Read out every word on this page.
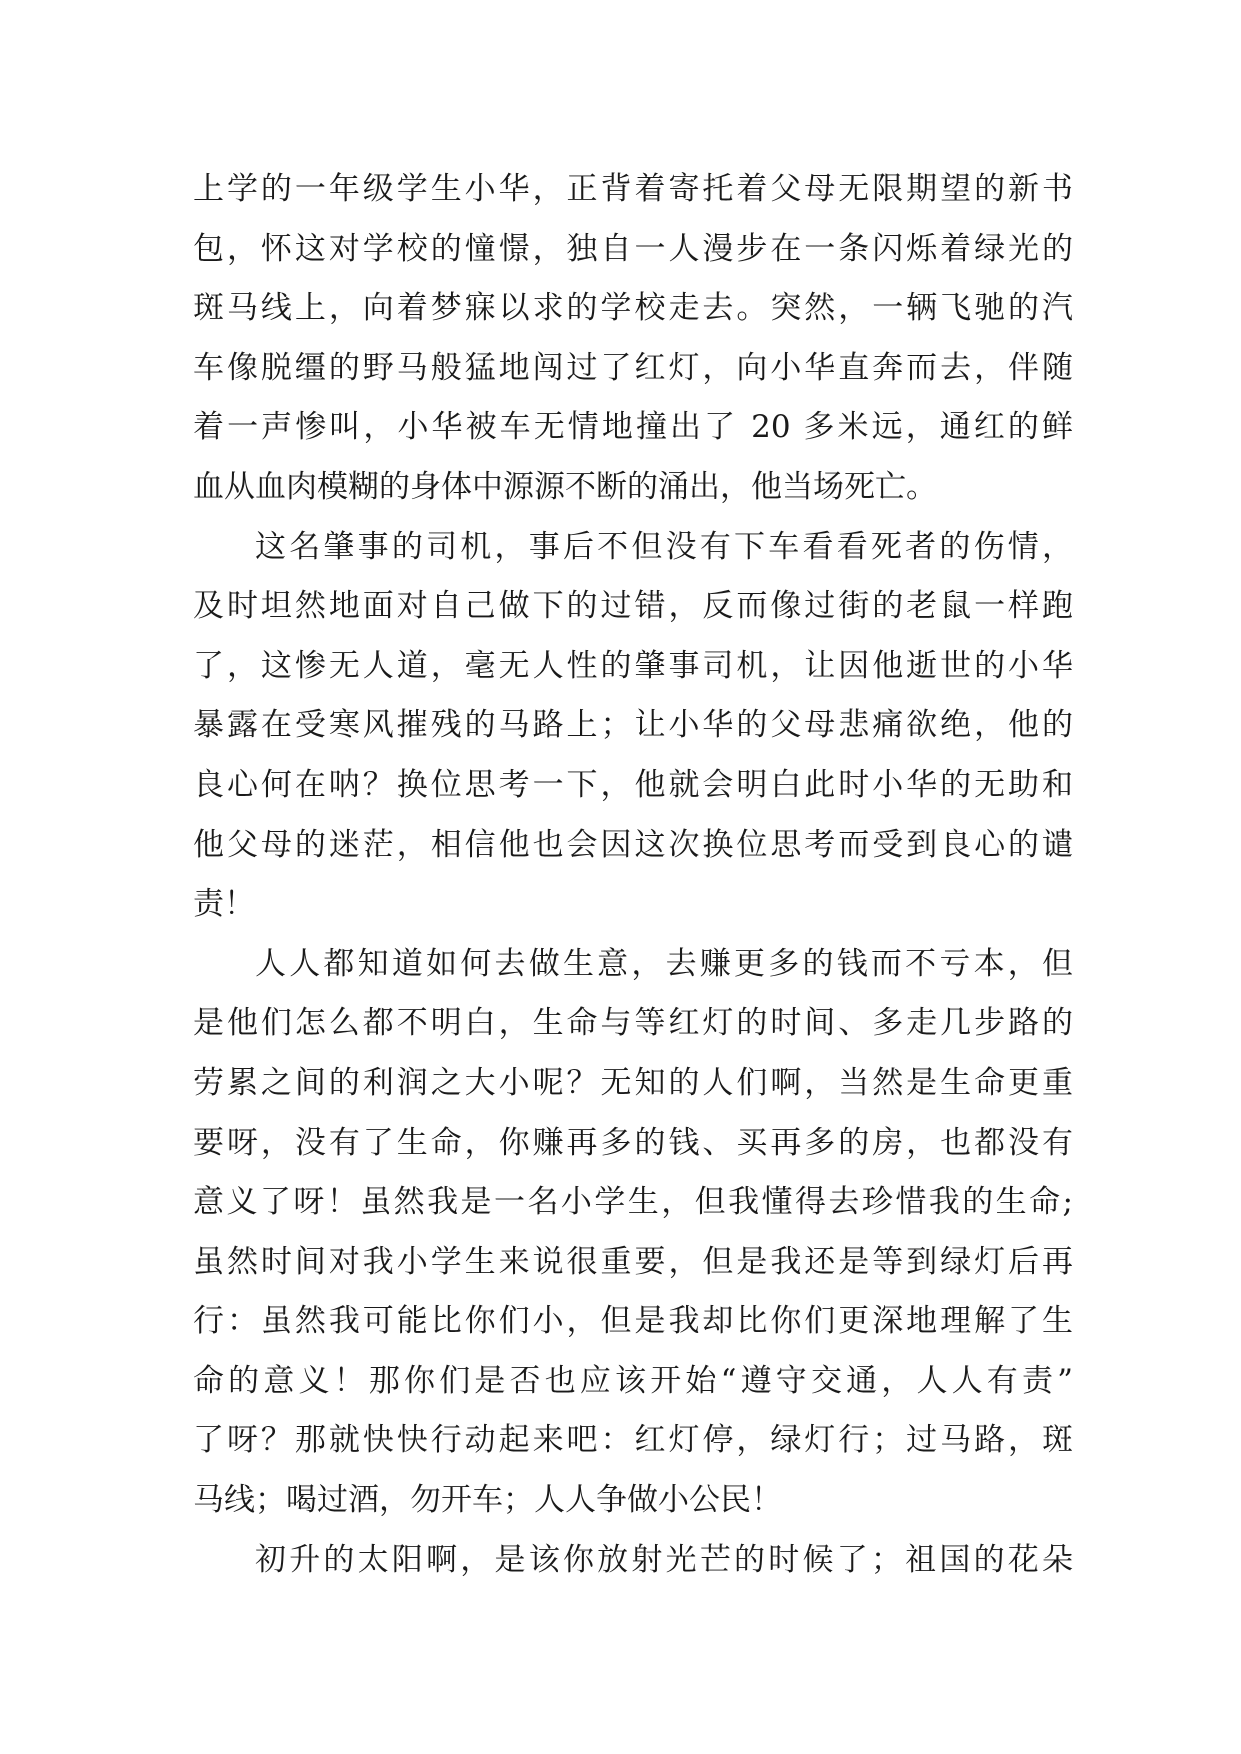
上学的一年级学生小华，正背着寄托着父母无限期望的新书
包，怀这对学校的憧憬，独自一人漫步在一条闪烁着绿光的
斑马线上，向着梦寐以求的学校走去。突然，一辆飞驰的汽
车像脱缰的野马般猛地闯过了红灯，向小华直奔而去，伴随
着一声惨叫，小华被车无情地撞出了 20 多米远，通红的鲜
血从血肉模糊的身体中源源不断的涌出，他当场死亡。
这名肇事的司机，事后不但没有下车看看死者的伤情，
及时坦然地面对自己做下的过错，反而像过街的老鼠一样跑
了，这惨无人道，毫无人性的肇事司机，让因他逝世的小华
暴露在受寒风摧残的马路上；让小华的父母悲痛欲绝，他的
良心何在呐？换位思考一下，他就会明白此时小华的无助和
他父母的迷茫，相信他也会因这次换位思考而受到良心的谴
责！
人人都知道如何去做生意，去赚更多的钱而不亏本，但
是他们怎么都不明白，生命与等红灯的时间、多走几步路的
劳累之间的利润之大小呢？无知的人们啊，当然是生命更重
要呀，没有了生命，你赚再多的钱、买再多的房，也都没有
意义了呀！虽然我是一名小学生，但我懂得去珍惜我的生命;
虽然时间对我小学生来说很重要，但是我还是等到绿灯后再
行：虽然我可能比你们小，但是我却比你们更深地理解了生
命的意义！那你们是否也应该开始“遵守交通，人人有责”
了呀？那就快快行动起来吧：红灯停，绿灯行；过马路，斑
马线；喝过酒，勿开车；人人争做小公民！
初升的太阳啊，是该你放射光芒的时候了；祖国的花朵
